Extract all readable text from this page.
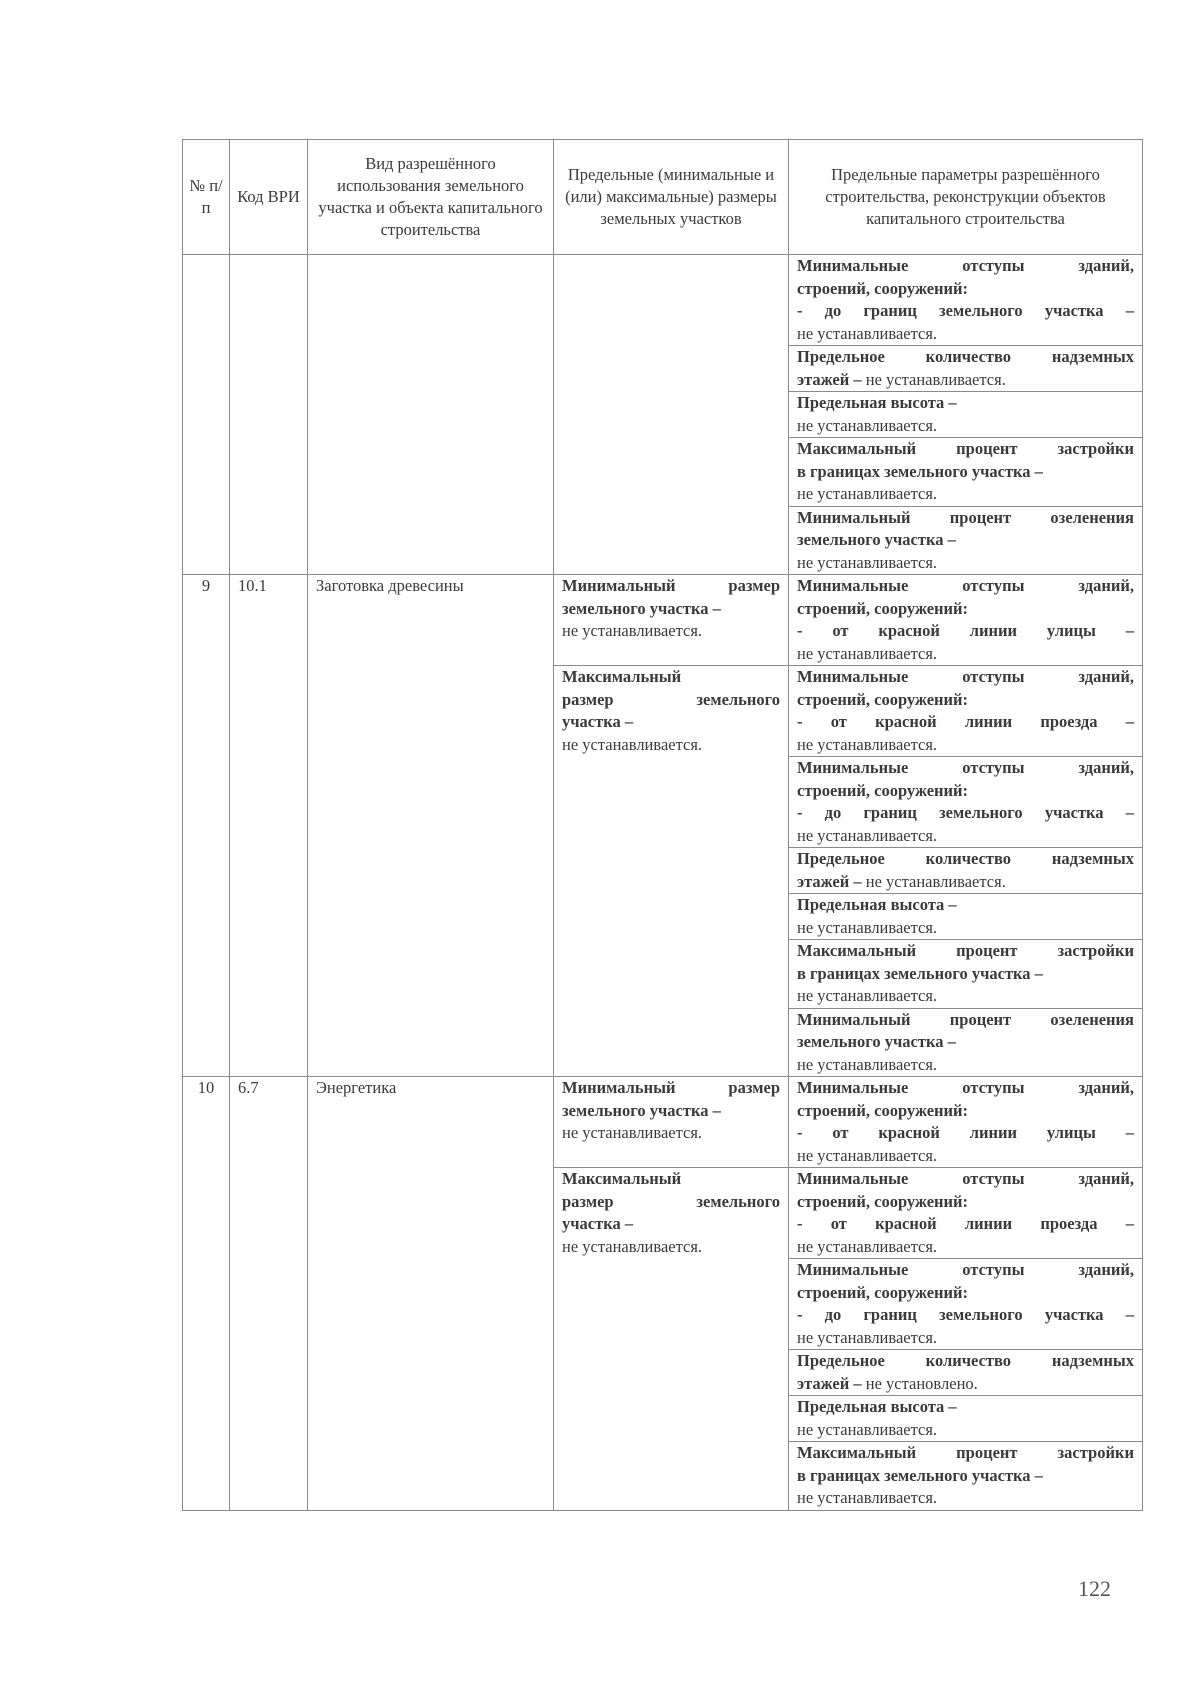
№ п/п	Код ВРИ	Вид разрешённого использования земельного участка и объекта капитального строительства	Предельные (минимальные и (или) максимальные) размеры земельных участков	Предельные параметры разрешённого строительства, реконструкции объектов капитального строительства

				Минимальные отступы зданий,
строений, сооружений:
- до границ земельного участка –
не устанавливается.

				Предельное количество надземных
этажей – не устанавливается.

				Предельная высота –
не устанавливается.

				Максимальный процент застройки
в границах земельного участка –
не устанавливается.

				Минимальный процент озеленения
земельного участка –
не устанавливается.

9	10.1	Заготовка древесины	Минимальный размер
земельного участка –
не устанавливается.	Минимальные отступы зданий,
строений, сооружений:
- от красной линии улицы –
не устанавливается.

			Максимальный
размер земельного
участка –
не устанавливается.	Минимальные отступы зданий,
строений, сооружений:
- от красной линии проезда –
не устанавливается.

				Минимальные отступы зданий,
строений, сооружений:
- до границ земельного участка –
не устанавливается.

				Предельное количество надземных
этажей – не устанавливается.

				Предельная высота –
не устанавливается.

				Максимальный процент застройки
в границах земельного участка –
не устанавливается.

				Минимальный процент озеленения
земельного участка –
не устанавливается.

10	6.7	Энергетика	Минимальный размер
земельного участка –
не устанавливается.	Минимальные отступы зданий,
строений, сооружений:
- от красной линии улицы –
не устанавливается.

			Максимальный
размер земельного
участка –
не устанавливается.	Минимальные отступы зданий,
строений, сооружений:
- от красной линии проезда –
не устанавливается.

				Минимальные отступы зданий,
строений, сооружений:
- до границ земельного участка –
не устанавливается.

				Предельное количество надземных
этажей – не установлено.

				Предельная высота –
не устанавливается.

				Максимальный процент застройки
в границах земельного участка –
не устанавливается.
122
